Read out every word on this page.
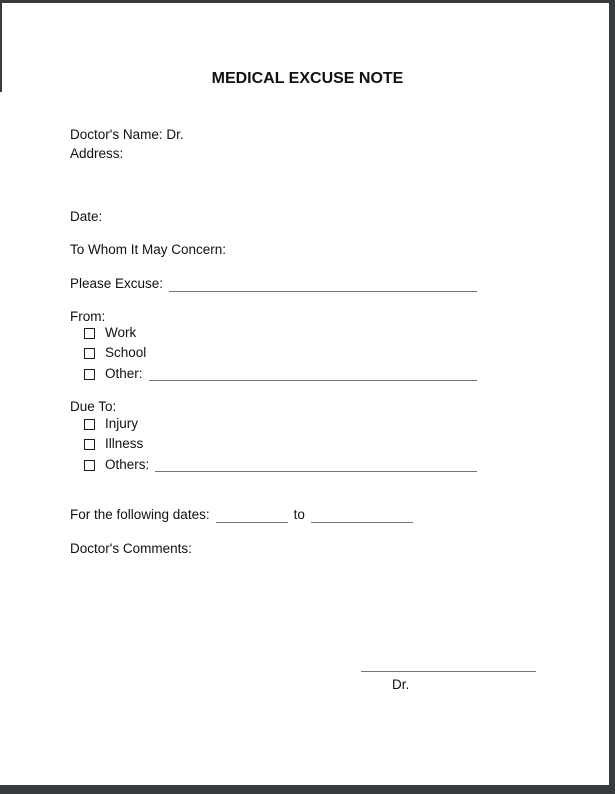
MEDICAL EXCUSE NOTE
Doctor's Name: Dr.
Address:
Date:
To Whom It May Concern:
Please Excuse:
From:
Work
School
Other:
Due To:
Injury
Illness
Others:
For the following dates:	to
Doctor's Comments:
Dr.
